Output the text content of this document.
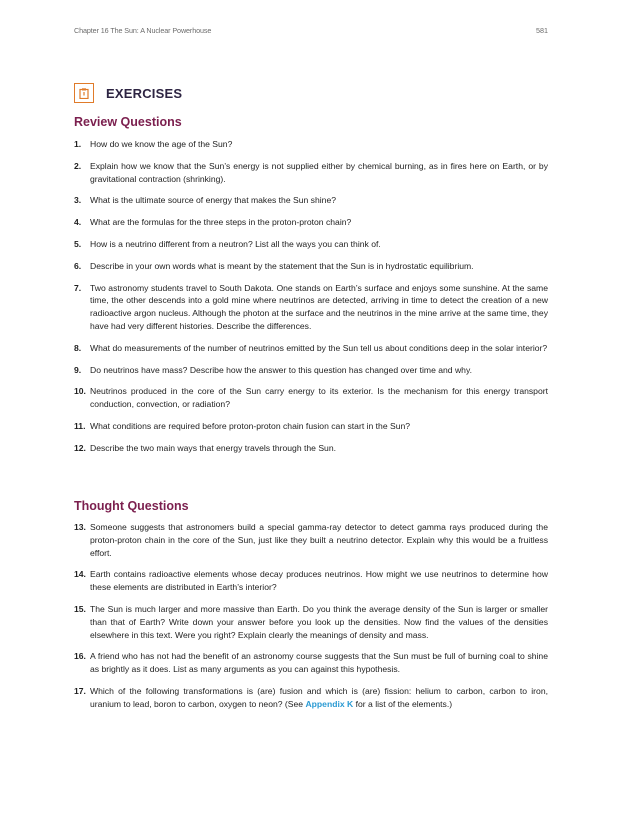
Chapter 16 The Sun: A Nuclear Powerhouse	581
EXERCISES
Review Questions
1.	How do we know the age of the Sun?
2.	Explain how we know that the Sun’s energy is not supplied either by chemical burning, as in fires here on Earth, or by gravitational contraction (shrinking).
3.	What is the ultimate source of energy that makes the Sun shine?
4.	What are the formulas for the three steps in the proton-proton chain?
5.	How is a neutrino different from a neutron? List all the ways you can think of.
6.	Describe in your own words what is meant by the statement that the Sun is in hydrostatic equilibrium.
7.	Two astronomy students travel to South Dakota. One stands on Earth’s surface and enjoys some sunshine. At the same time, the other descends into a gold mine where neutrinos are detected, arriving in time to detect the creation of a new radioactive argon nucleus. Although the photon at the surface and the neutrinos in the mine arrive at the same time, they have had very different histories. Describe the differences.
8.	What do measurements of the number of neutrinos emitted by the Sun tell us about conditions deep in the solar interior?
9.	Do neutrinos have mass? Describe how the answer to this question has changed over time and why.
10. Neutrinos produced in the core of the Sun carry energy to its exterior. Is the mechanism for this energy transport conduction, convection, or radiation?
11. What conditions are required before proton-proton chain fusion can start in the Sun?
12. Describe the two main ways that energy travels through the Sun.
Thought Questions
13. Someone suggests that astronomers build a special gamma-ray detector to detect gamma rays produced during the proton-proton chain in the core of the Sun, just like they built a neutrino detector. Explain why this would be a fruitless effort.
14. Earth contains radioactive elements whose decay produces neutrinos. How might we use neutrinos to determine how these elements are distributed in Earth’s interior?
15. The Sun is much larger and more massive than Earth. Do you think the average density of the Sun is larger or smaller than that of Earth? Write down your answer before you look up the densities. Now find the values of the densities elsewhere in this text. Were you right? Explain clearly the meanings of density and mass.
16. A friend who has not had the benefit of an astronomy course suggests that the Sun must be full of burning coal to shine as brightly as it does. List as many arguments as you can against this hypothesis.
17. Which of the following transformations is (are) fusion and which is (are) fission: helium to carbon, carbon to iron, uranium to lead, boron to carbon, oxygen to neon? (See Appendix K for a list of the elements.)
